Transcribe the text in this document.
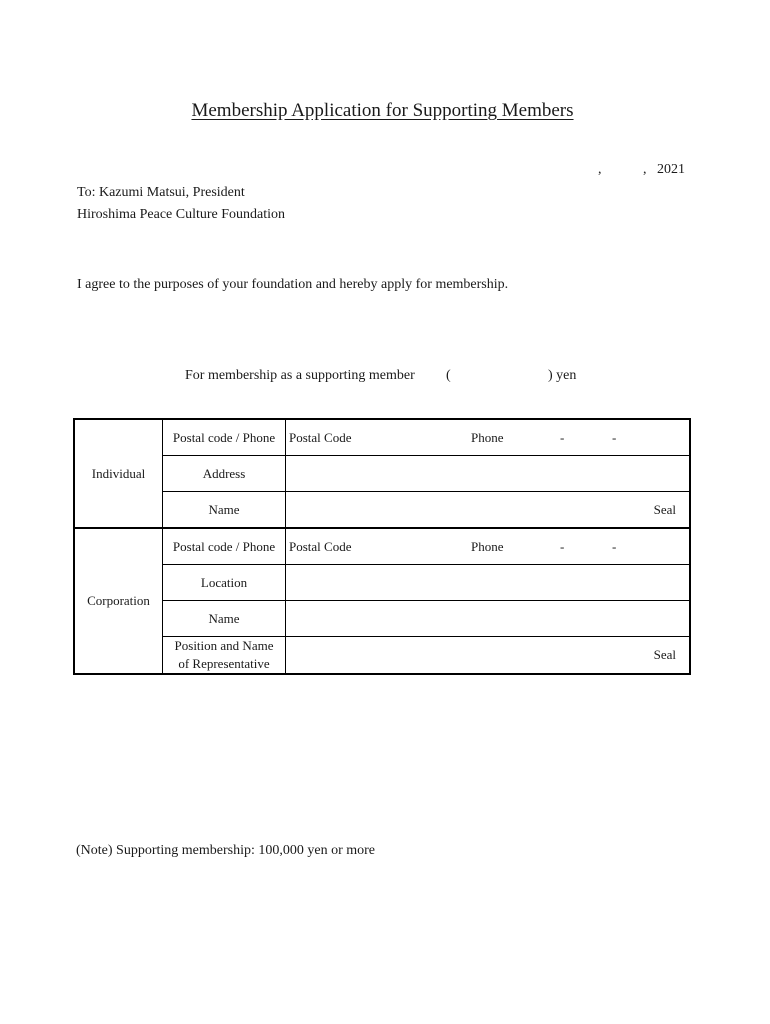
Membership Application for Supporting Members
,	, 2021
To: Kazumi Matsui, President
Hiroshima Peace Culture Foundation
I agree to the purposes of your foundation and hereby apply for membership.
For membership as a supporting member (	) yen
Individual	Postal code / Phone	Postal Code Phone - -

	Address	
	Name	Seal

Corporation	Postal code / Phone	Postal Code Phone - -

	Location	
	Name	

	Position and Name
of Representative	Seal
(Note) Supporting membership: 100,000 yen or more
